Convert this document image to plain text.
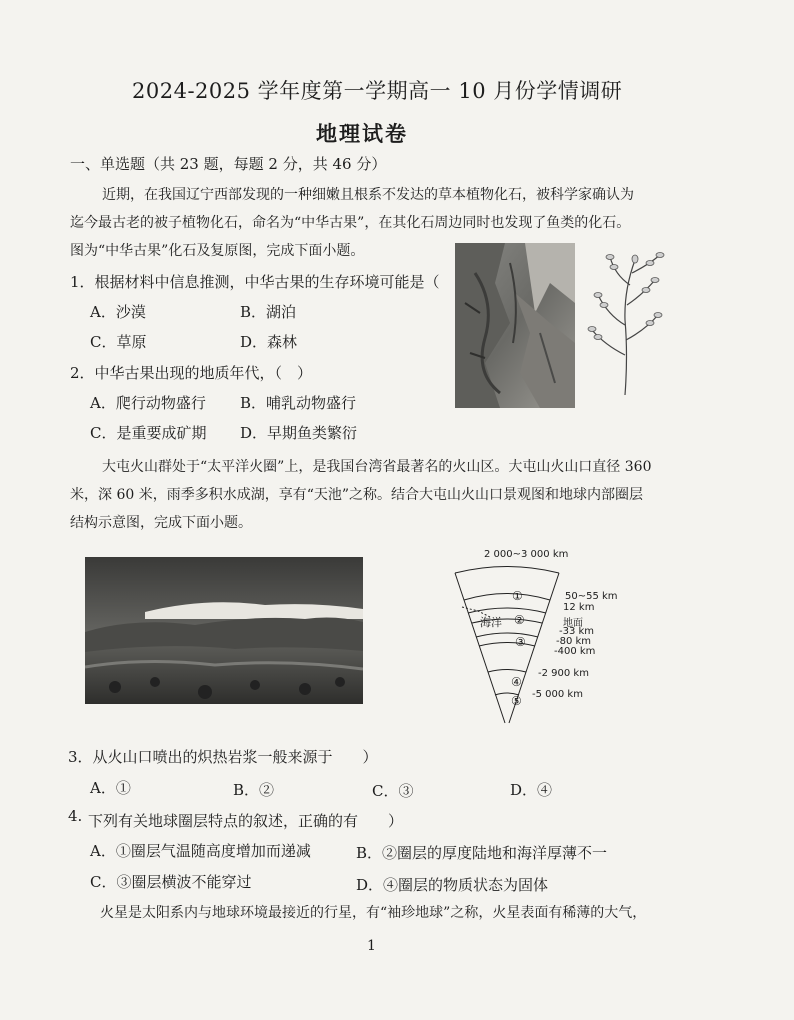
2024-2025 学年度第一学期高一 10 月份学情调研
地理试卷
一、单选题（共 23 题，每题 2 分，共 46 分）
近期，在我国辽宁西部发现的一种细嫩且根系不发达的草本植物化石，被科学家确认为
迄今最古老的被子植物化石，命名为“中华古果”，在其化石周边同时也发现了鱼类的化石。
图为“中华古果”化石及复原图，完成下面小题。
1．根据材料中信息推测，中华古果的生存环境可能是（
A．沙漠	B．湖泊
C．草原	D．森林
2．中华古果出现的地质年代，（　）
A．爬行动物盛行 B．哺乳动物盛行
C．是重要成矿期 D．早期鱼类繁衍
大屯火山群处于“太平洋火圈”上，是我国台湾省最著名的火山区。大屯山火山口直径 360
米，深 60 米，雨季多积水成湖，享有“天池”之称。结合大屯山火山口景观图和地球内部圈层
结构示意图，完成下面小题。
2 000~3 000 km
海洋
①
②
③
④
⑤
50~55 km
12 km
地面
-33 km
-80 km
-400 km
-2 900 km
-5 000 km
3．从火山口喷出的炽热岩浆一般来源于　　）
A．①	B．②	C．③	D．④
4. 下列有关地球圈层特点的叙述，正确的有　　）
A．①圈层气温随高度增加而递减	B．②圈层的厚度陆地和海洋厚薄不一
C．③圈层横波不能穿过	D．④圈层的物质状态为固体
火星是太阳系内与地球环境最接近的行星，有“袖珍地球”之称，火星表面有稀薄的大气，
1
